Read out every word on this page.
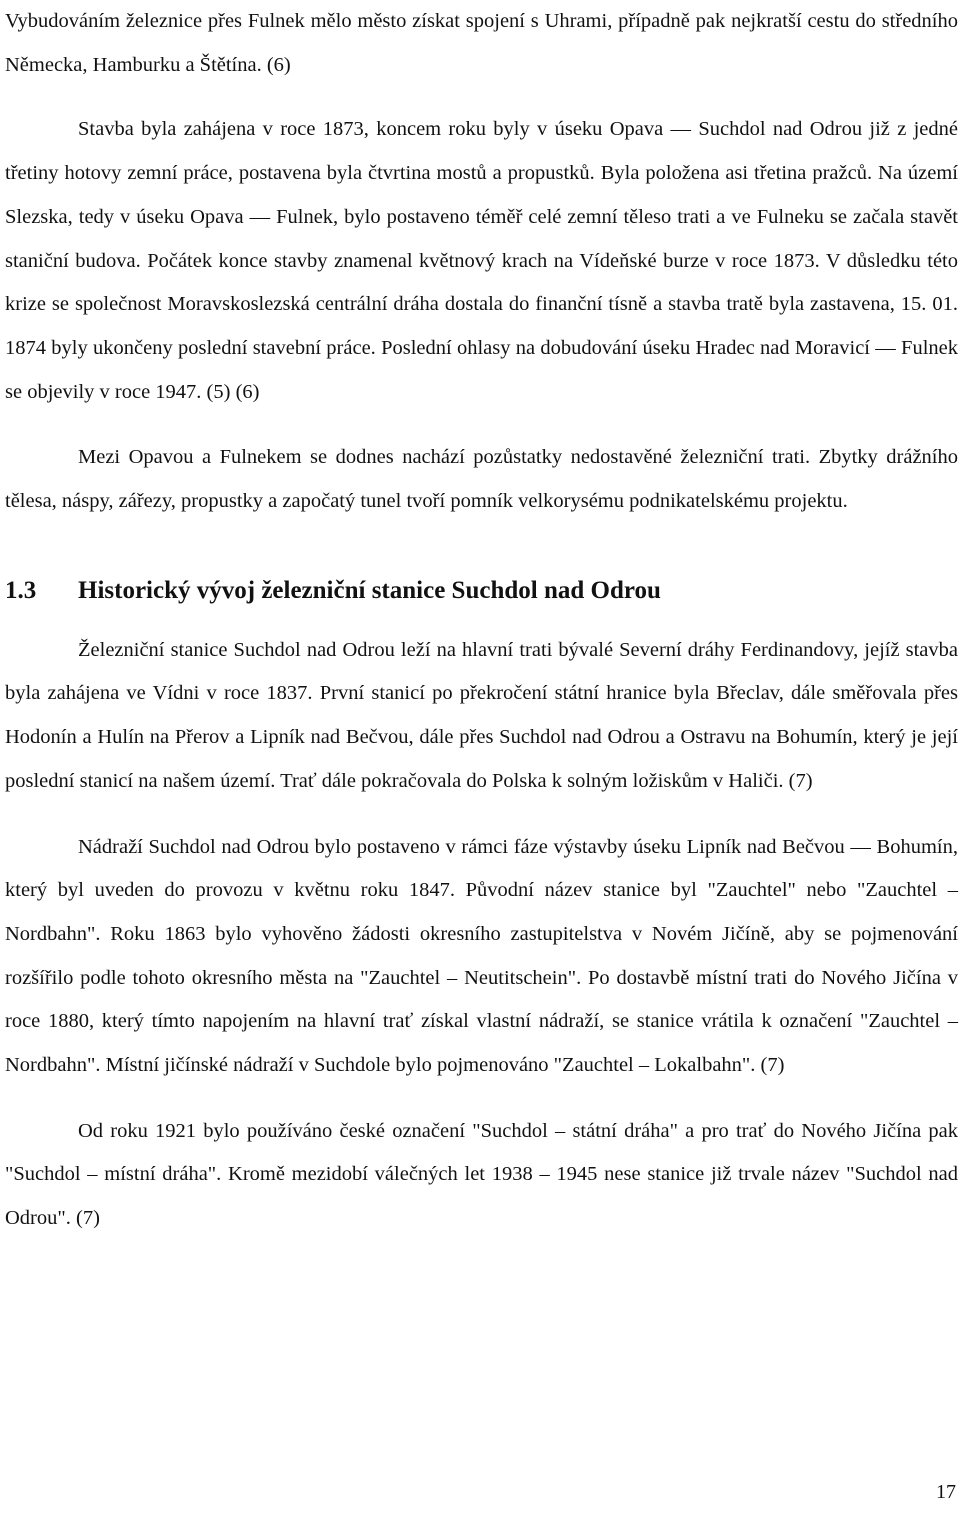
Vybudováním železnice přes Fulnek mělo město získat spojení s Uhrami, případně pak nejkratší cestu do středního Německa, Hamburku a Štětína. (6)

Stavba byla zahájena v roce 1873, koncem roku byly v úseku Opava — Suchdol nad Odrou již z jedné třetiny hotovy zemní práce, postavena byla čtvrtina mostů a propustků. Byla položena asi třetina pražců. Na území Slezska, tedy v úseku Opava — Fulnek, bylo postaveno téměř celé zemní těleso trati a ve Fulneku se začala stavět staniční budova. Počátek konce stavby znamenal květnový krach na Vídeňské burze v roce 1873. V důsledku této krize se společnost Moravskoslezská centrální dráha dostala do finanční tísně a stavba tratě byla zastavena, 15. 01. 1874 byly ukončeny poslední stavební práce. Poslední ohlasy na dobudování úseku Hradec nad Moravicí — Fulnek se objevily v roce 1947. (5) (6)

Mezi Opavou a Fulnekem se dodnes nachází pozůstatky nedostavěné železniční trati. Zbytky drážního tělesa, náspy, zářezy, propustky a započatý tunel tvoří pomník velkorysému podnikatelskému projektu.

1.3	Historický vývoj železniční stanice Suchdol nad Odrou

Železniční stanice Suchdol nad Odrou leží na hlavní trati bývalé Severní dráhy Ferdinandovy, jejíž stavba byla zahájena ve Vídni v roce 1837. První stanicí po překročení státní hranice byla Břeclav, dále směřovala přes Hodonín a Hulín na Přerov a Lipník nad Bečvou, dále přes Suchdol nad Odrou a Ostravu na Bohumín, který je její poslední stanicí na našem území. Trať dále pokračovala do Polska k solným ložiskům v Haliči. (7)

Nádraží Suchdol nad Odrou bylo postaveno v rámci fáze výstavby úseku Lipník nad Bečvou — Bohumín, který byl uveden do provozu v květnu roku 1847. Původní název stanice byl "Zauchtel" nebo "Zauchtel – Nordbahn". Roku 1863 bylo vyhověno žádosti okresního zastupitelstva v Novém Jičíně, aby se pojmenování rozšířilo podle tohoto okresního města na "Zauchtel – Neutitschein". Po dostavbě místní trati do Nového Jičína v roce 1880, který tímto napojením na hlavní trať získal vlastní nádraží, se stanice vrátila k označení "Zauchtel – Nordbahn". Místní jičínské nádraží v Suchdole bylo pojmenováno "Zauchtel – Lokalbahn". (7)

Od roku 1921 bylo používáno české označení "Suchdol – státní dráha" a pro trať do Nového Jičína pak "Suchdol – místní dráha". Kromě mezidobí válečných let 1938 – 1945 nese stanice již trvale název "Suchdol nad Odrou". (7)

17
